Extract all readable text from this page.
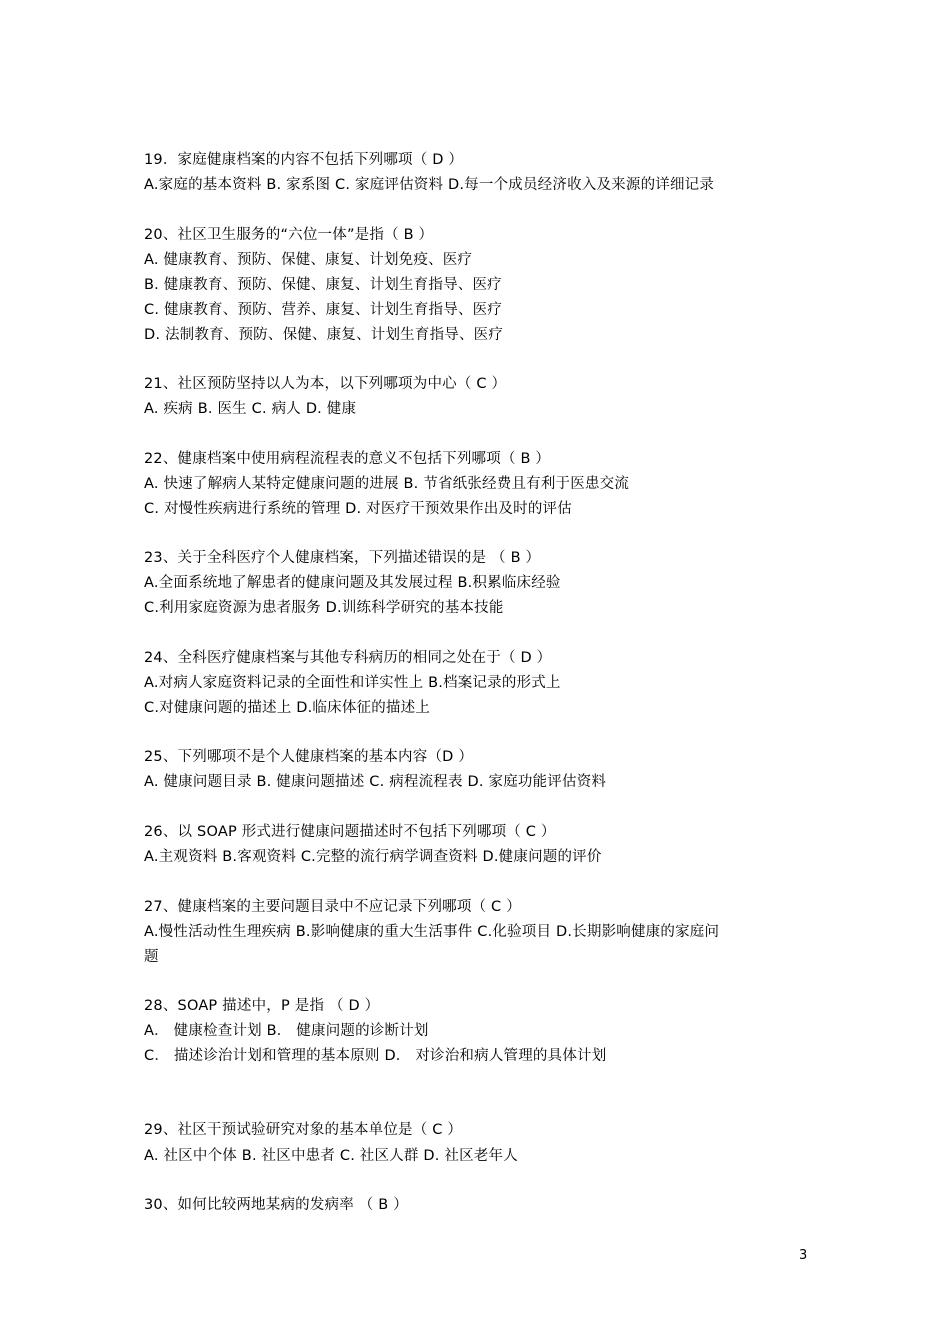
19．家庭健康档案的内容不包括下列哪项（ D ）
A.家庭的基本资料 B. 家系图 C. 家庭评估资料 D.每一个成员经济收入及来源的详细记录
20、社区卫生服务的“六位一体”是指（ B ）
A. 健康教育、预防、保健、康复、计划免疫、医疗
B. 健康教育、预防、保健、康复、计划生育指导、医疗
C. 健康教育、预防、营养、康复、计划生育指导、医疗
D. 法制教育、预防、保健、康复、计划生育指导、医疗
21、社区预防坚持以人为本，以下列哪项为中心（ C ）
A. 疾病 B. 医生 C. 病人 D. 健康
22、健康档案中使用病程流程表的意义不包括下列哪项（ B ）
A. 快速了解病人某特定健康问题的进展 B. 节省纸张经费且有利于医患交流
C. 对慢性疾病进行系统的管理 D. 对医疗干预效果作出及时的评估
23、关于全科医疗个人健康档案，下列描述错误的是 （ B ）
A.全面系统地了解患者的健康问题及其发展过程 B.积累临床经验
C.利用家庭资源为患者服务 D.训练科学研究的基本技能
24、全科医疗健康档案与其他专科病历的相同之处在于（ D ）
A.对病人家庭资料记录的全面性和详实性上 B.档案记录的形式上
C.对健康问题的描述上 D.临床体征的描述上
25、下列哪项不是个人健康档案的基本内容（D ）
A. 健康问题目录 B. 健康问题描述 C. 病程流程表 D. 家庭功能评估资料
26、以 SOAP 形式进行健康问题描述时不包括下列哪项（ C ）
A.主观资料 B.客观资料 C.完整的流行病学调查资料 D.健康问题的评价
27、健康档案的主要问题目录中不应记录下列哪项（ C ）
A.慢性活动性生理疾病 B.影响健康的重大生活事件 C.化验项目 D.长期影响健康的家庭问
题
28、SOAP 描述中，P 是指 （ D ）
A． 健康检查计划 B． 健康问题的诊断计划
C． 描述诊治计划和管理的基本原则 D． 对诊治和病人管理的具体计划
29、社区干预试验研究对象的基本单位是（ C ）
A. 社区中个体 B. 社区中患者 C. 社区人群 D. 社区老年人
30、如何比较两地某病的发病率 （ B ）
3
